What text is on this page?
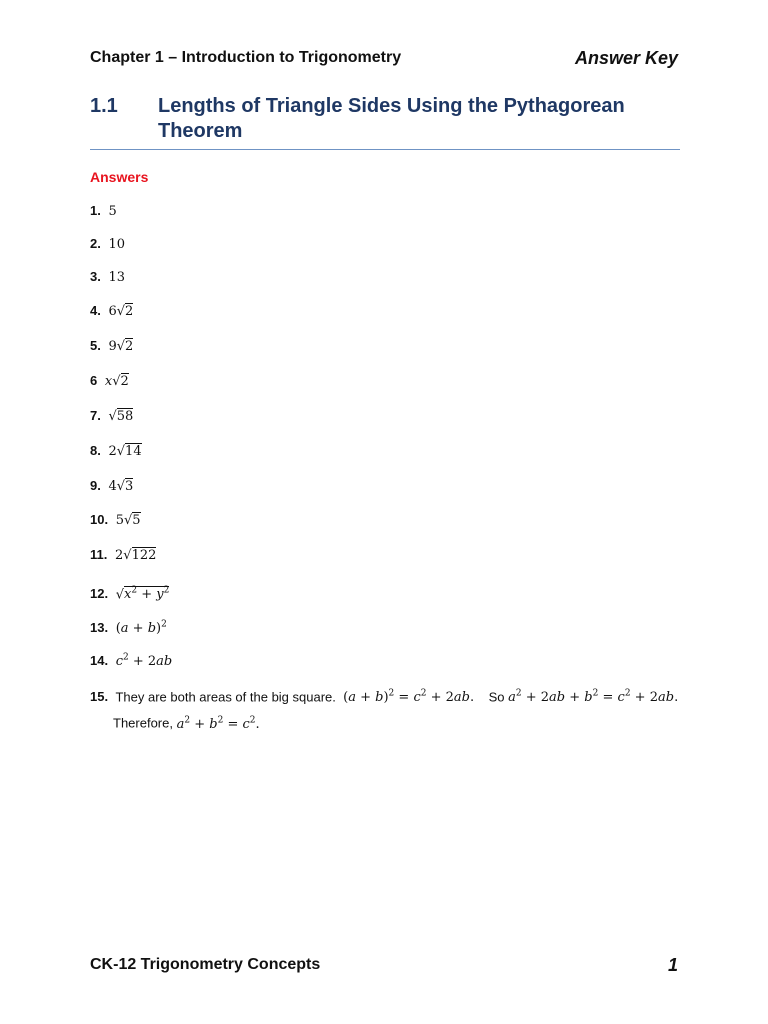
Chapter 1 – Introduction to Trigonometry	Answer Key
1.1 Lengths of Triangle Sides Using the Pythagorean Theorem
Answers
1. 5
2. 10
3. 13
4. 6√2
5. 9√2
6 x√2
7. √58
8. 2√14
9. 4√3
10. 5√5
11. 2√122
12. $√x^2 + y^2$
13. $(a + b)^2$
14. $c^2 + 2ab$
15. They are both areas of the big square. $(a + b)^2 = c^2 + 2ab$. So $a^2 + 2ab + b^2 = c^2 + 2ab$.
Therefore, $a^2 + b^2 = c^2$.
CK-12 Trigonometry Concepts	1
